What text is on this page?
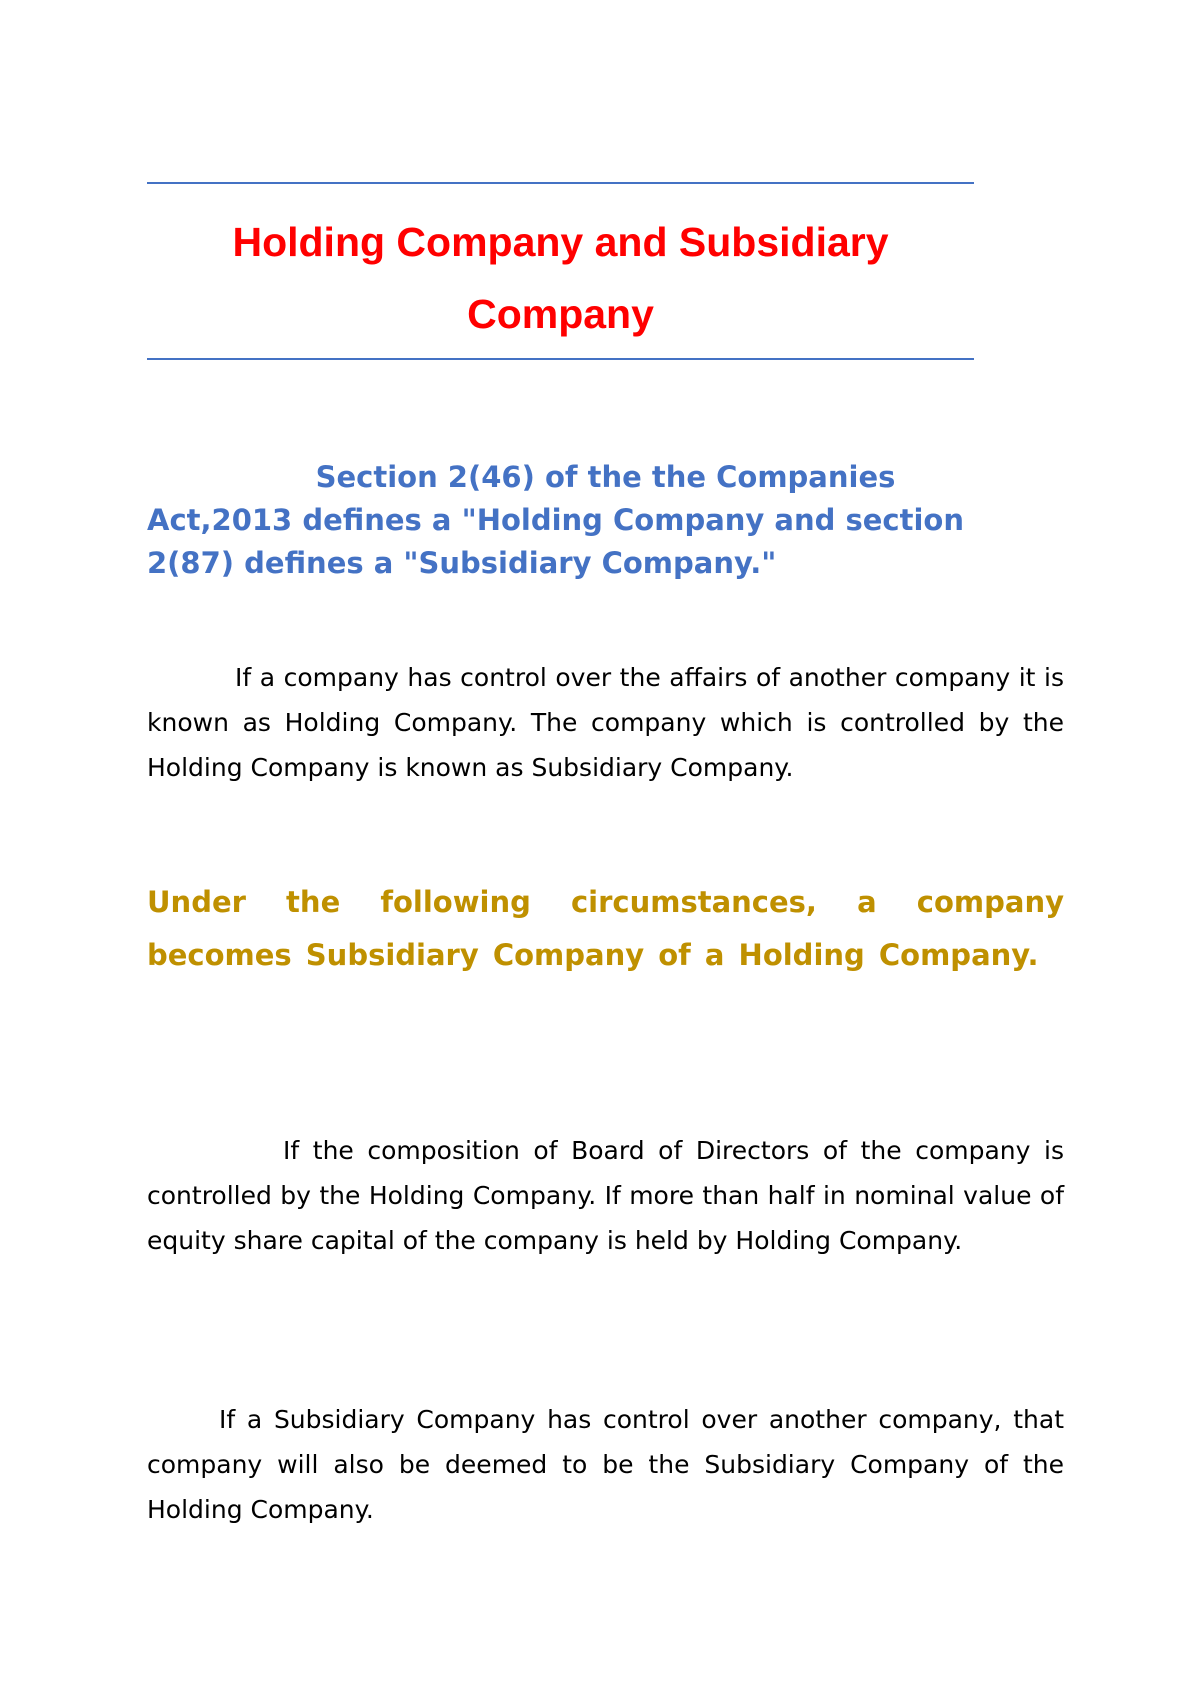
Holding Company and Subsidiary Company

Section 2(46) of the the Companies
Act,2013 defines a "Holding Company and section
2(87) defines a "Subsidiary Company."

If a company has control over the affairs of another company it is known as Holding Company. The company which is controlled by the Holding Company is known as Subsidiary Company.

Under the following circumstances, a company becomes Subsidiary Company of a Holding Company.

If the composition of Board of Directors of the company is controlled by the Holding Company. If more than half in nominal value of equity share capital of the company is held by Holding Company.

If a Subsidiary Company has control over another company, that company will also be deemed to be the Subsidiary Company of the Holding Company.
